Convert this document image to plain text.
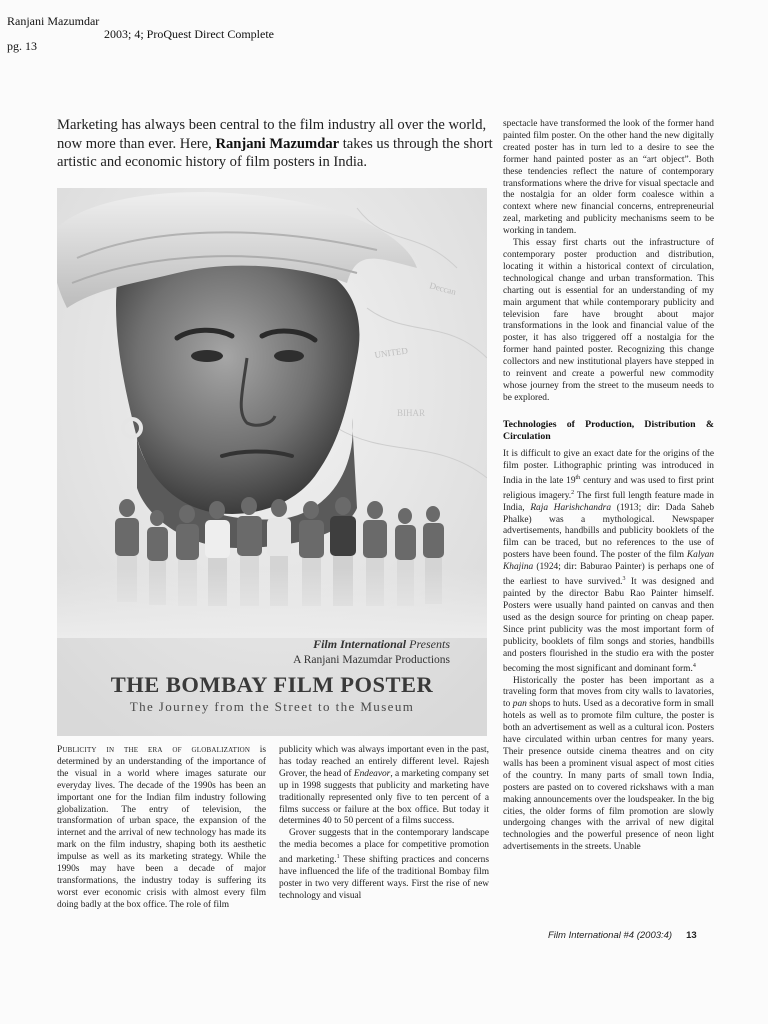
Ranjani Mazumdar
2003; 4; ProQuest Direct Complete
pg. 13
Marketing has always been central to the film industry all over the world, now more than ever. Here, Ranjani Mazumdar takes us through the short artistic and economic history of film posters in India.
Deccan
UNITED
BIHAR
Film International Presents
A Ranjani Mazumdar Productions
THE BOMBAY FILM POSTER
The Journey from the Street to the Museum

Publicity in the era of globalization is determined by an understanding of the importance of the visual in a world where images saturate our everyday lives. The decade of the 1990s has been an important one for the Indian film industry following globalization. The entry of television, the transformation of urban space, the expansion of the internet and the arrival of new technology has made its mark on the film industry, shaping both its aesthetic impulse as well as its marketing strategy. While the 1990s may have been a decade of major transformations, the industry today is suffering its worst ever economic crisis with almost every film doing badly at the box office. The role of film

publicity which was always important even in the past, has today reached an entirely different level. Rajesh Grover, the head of Endeavor, a marketing company set up in 1998 suggests that publicity and marketing have traditionally represented only five to ten percent of a films success or failure at the box office. But today it determines 40 to 50 percent of a films success.

Grover suggests that in the contemporary landscape the media becomes a place for competitive promotion and marketing.$^1$ These shifting practices and concerns have influenced the life of the traditional Bombay film poster in two very different ways. First the rise of new technology and visual

spectacle have transformed the look of the former hand painted film poster. On the other hand the new digitally created poster has in turn led to a desire to see the former hand painted poster as an “art object”. Both these tendencies reflect the nature of contemporary transformations where the drive for visual spectacle and the nostalgia for an older form coalesce within a context where new financial concerns, entrepreneurial zeal, marketing and publicity mechanisms seem to be working in tandem.

This essay first charts out the infrastructure of contemporary poster production and distribution, locating it within a historical context of circulation, technological change and urban transformation. This charting out is essential for an understanding of my main argument that while contemporary publicity and television fare have brought about major transformations in the look and financial value of the poster, it has also triggered off a nostalgia for the former hand painted poster. Recognizing this change collectors and new institutional players have stepped in to reinvent and create a powerful new commodity whose journey from the street to the museum needs to be explored.

Technologies of Production, Distribution & Circulation

It is difficult to give an exact date for the origins of the film poster. Lithographic printing was introduced in India in the late 19th century and was used to first print religious imagery.$^2$ The first full length feature made in India, Raja Harishchandra (1913; dir: Dada Saheb Phalke) was a mythological. Newspaper advertisements, handbills and publicity booklets of the film can be traced, but no references to the use of posters have been found. The poster of the film Kalyan Khajina (1924; dir: Baburao Painter) is perhaps one of the earliest to have survived.$^3$ It was designed and painted by the director Babu Rao Painter himself. Posters were usually hand painted on canvas and then used as the design source for printing on cheap paper. Since print publicity was the most important form of publicity, booklets of film songs and stories, handbills and posters flourished in the studio era with the poster becoming the most significant and dominant form.$^4$

Historically the poster has been important as a traveling form that moves from city walls to lavatories, to pan shops to huts. Used as a decorative form in small hotels as well as to promote film culture, the poster is both an advertisement as well as a cultural icon. Posters have circulated within urban centres for many years. Their presence outside cinema theatres and on city walls has been a prominent visual aspect of most cities of the country. In many parts of small town India, posters are pasted on to covered rickshaws with a man making announcements over the loudspeaker. In the big cities, the older forms of film promotion are slowly undergoing changes with the arrival of new digital technologies and the powerful presence of neon light advertisements in the streets. Unable

Film International #4 (2003:4) 13
